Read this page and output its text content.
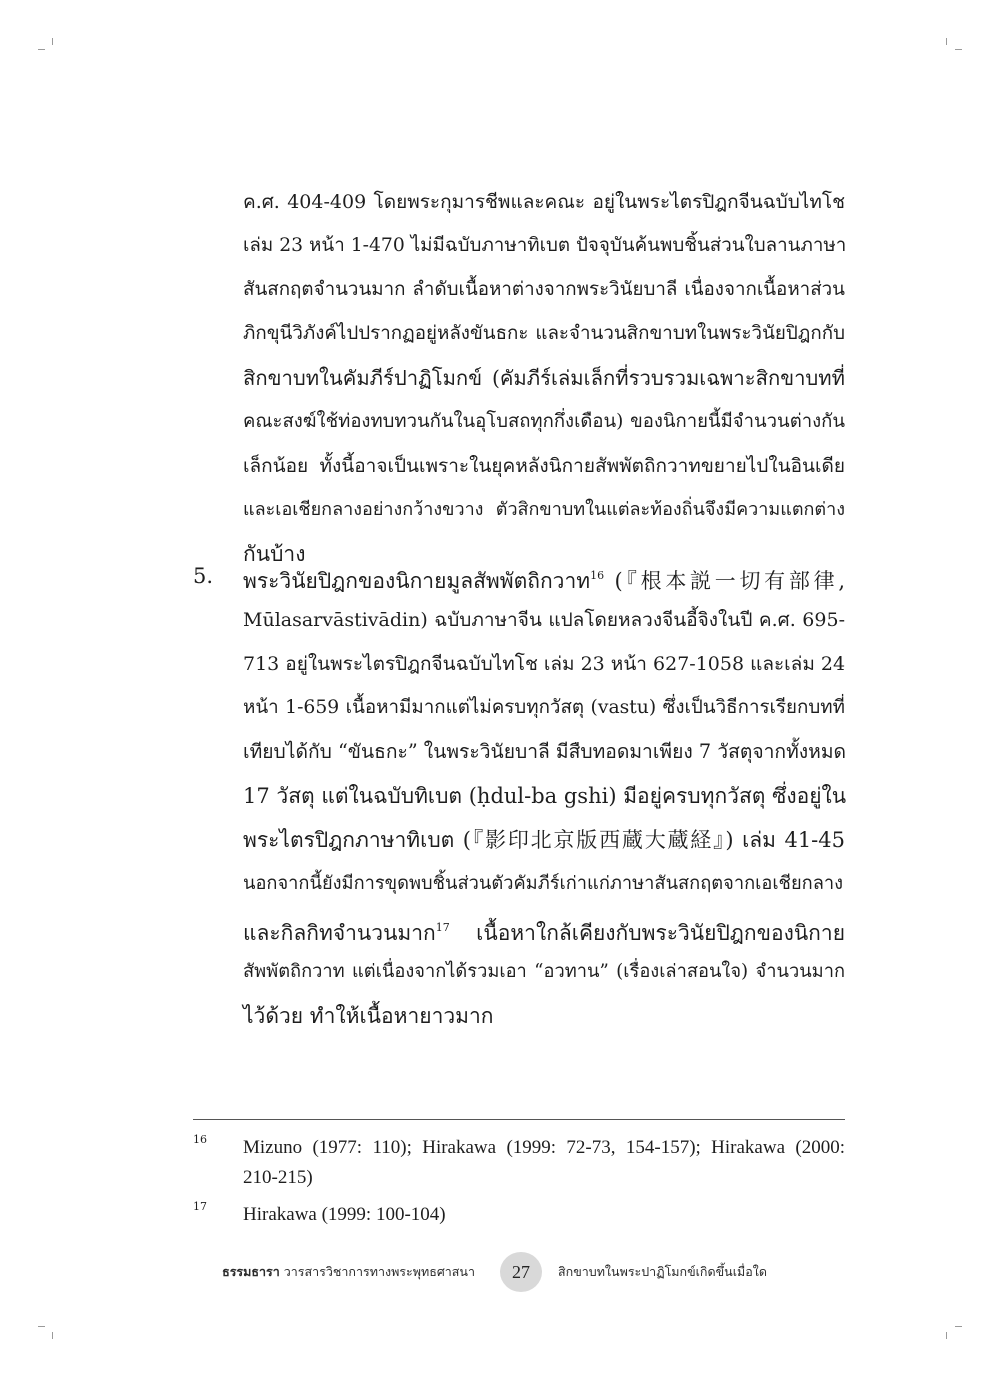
ค.ศ. 404-409 โดยพระกุมารชีพและคณะ อยู่ในพระไตรปิฎกจีนฉบับไทโช
เล่ม 23 หน้า 1-470 ไม่มีฉบับภาษาทิเบต ปัจจุบันค้นพบชิ้นส่วนใบลานภาษา
สันสกฤตจำนวนมาก ลำดับเนื้อหาต่างจากพระวินัยบาลี เนื่องจากเนื้อหาส่วน
ภิกขุนีวิภังค์ไปปรากฏอยู่หลังขันธกะ และจำนวนสิกขาบทในพระวินัยปิฎกกับ
สิกขาบทในคัมภีร์ปาฏิโมกข์ (คัมภีร์เล่มเล็กที่รวบรวมเฉพาะสิกขาบทที่
คณะสงฆ์ใช้ท่องทบทวนกันในอุโบสถทุกกึ่งเดือน) ของนิกายนี้มีจำนวนต่างกัน
เล็กน้อย ทั้งนี้อาจเป็นเพราะในยุคหลังนิกายสัพพัตถิกวาทขยายไปในอินเดีย
และเอเชียกลางอย่างกว้างขวาง ตัวสิกขาบทในแต่ละท้องถิ่นจึงมีความแตกต่าง
กันบ้าง
พระวินัยปิฎกของนิกายมูลสัพพัตถิกวาท$^{16}$ (『根本説一切有部律,
Mūlasarvāstivādin) ฉบับภาษาจีน แปลโดยหลวงจีนอี้จิงในปี ค.ศ. 695-
713 อยู่ในพระไตรปิฎกจีนฉบับไทโช เล่ม 23 หน้า 627-1058 และเล่ม 24
หน้า 1-659 เนื้อหามีมากแต่ไม่ครบทุกวัสตุ (vastu) ซึ่งเป็นวิธีการเรียกบทที่
เทียบได้กับ “ขันธกะ” ในพระวินัยบาลี มีสืบทอดมาเพียง 7 วัสตุจากทั้งหมด
17 วัสตุ แต่ในฉบับทิเบต (ḥdul-ba gshi) มีอยู่ครบทุกวัสตุ ซึ่งอยู่ใน
พระไตรปิฎกภาษาทิเบต (『影印北京版西蔵大蔵経』) เล่ม 41-45
นอกจากนี้ยังมีการขุดพบชิ้นส่วนตัวคัมภีร์เก่าแก่ภาษาสันสกฤตจากเอเชียกลาง
และกิลกิทจำนวนมาก$^{17}$ เนื้อหาใกล้เคียงกับพระวินัยปิฎกของนิกาย
สัพพัตถิกวาท แต่เนื่องจากได้รวมเอา “อวทาน” (เรื่องเล่าสอนใจ) จำนวนมาก
ไว้ด้วย ทำให้เนื้อหายาวมาก
5.
16 Mizuno (1977: 110); Hirakawa (1999: 72-73, 154-157); Hirakawa (2000:
210-215)
17 Hirakawa (1999: 100-104)
ธรรมธารา วารสารวิชาการทางพระพุทธศาสนา	27	สิกขาบทในพระปาฏิโมกข์เกิดขึ้นเมื่อใด
